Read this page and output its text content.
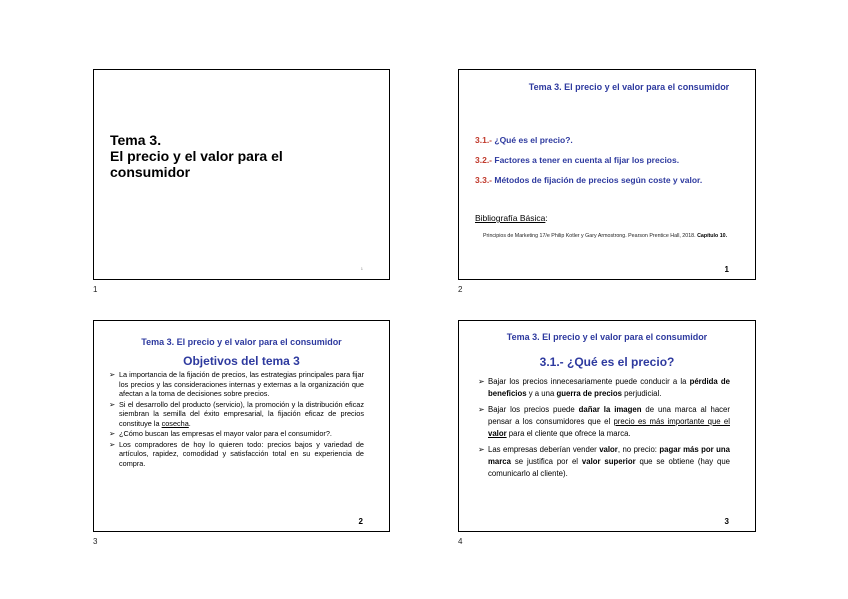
Tema 3.
El precio y el valor para el
consumidor
1
1
Tema 3. El precio y el valor para el consumidor
3.1.- ¿Qué es el precio?.
3.2.- Factores a tener en cuenta al fijar los precios.
3.3.- Métodos de fijación de precios según coste y valor.
Bibliografía Básica:
Principios de Marketing 17/e Philip Kotler y Gary Armostrong. Pearson Prentice Hall, 2018. Capítulo 10.
1
2
Tema 3. El precio y el valor para el consumidor
Objetivos del tema 3
➢ La importancia de la fijación de precios, las estrategias principales para fijar los precios y las consideraciones internas y externas a la organización que afectan a la toma de decisiones sobre precios.
➢ Si el desarrollo del producto (servicio), la promoción y la distribución eficaz siembran la semilla del éxito empresarial, la fijación eficaz de precios constituye la cosecha.
➢ ¿Cómo buscan las empresas el mayor valor para el consumidor?.
➢ Los compradores de hoy lo quieren todo: precios bajos y variedad de artículos, rapidez, comodidad y satisfacción total en su experiencia de compra.
2
3
Tema 3. El precio y el valor para el consumidor
3.1.- ¿Qué es el precio?
➢ Bajar los precios innecesariamente puede conducir a la pérdida de beneficios y a una guerra de precios perjudicial.
➢ Bajar los precios puede dañar la imagen de una marca al hacer pensar a los consumidores que el precio es más importante que el valor para el cliente que ofrece la marca.
➢ Las empresas deberían vender valor, no precio: pagar más por una marca se justifica por el valor superior que se obtiene (hay que comunicarlo al cliente).
3
4
